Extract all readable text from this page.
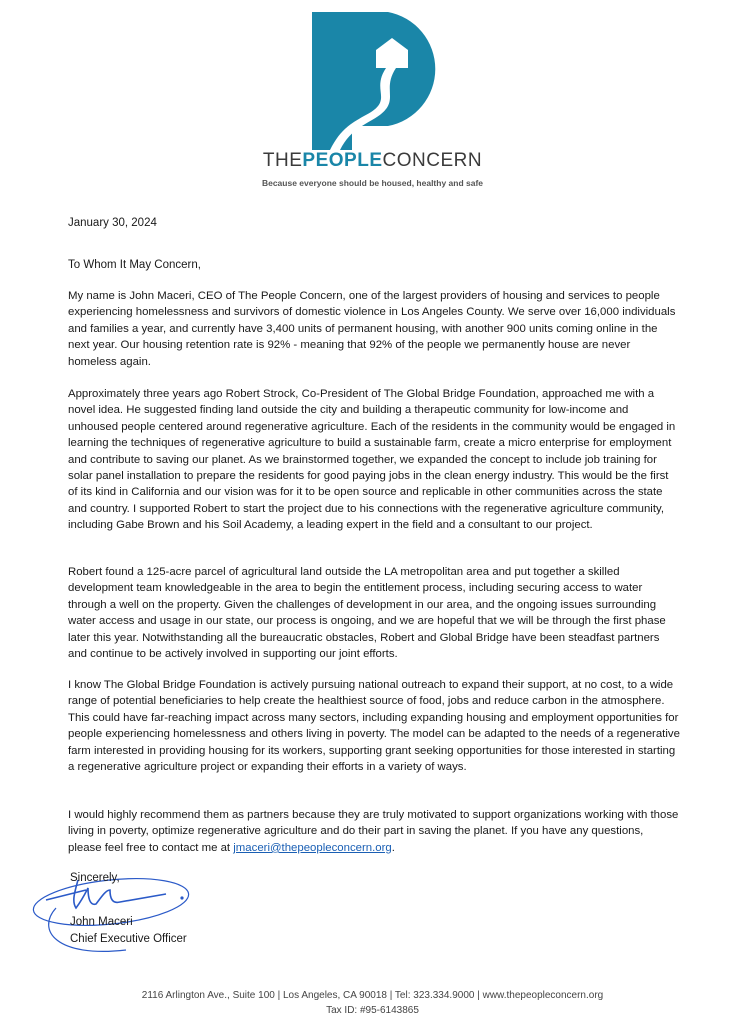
THEPEOPLECONCERN
Because everyone should be housed, healthy and safe
January 30, 2024
To Whom It May Concern,

My name is John Maceri, CEO of The People Concern, one of the largest providers of housing and services to people experiencing homelessness and survivors of domestic violence in Los Angeles County. We serve over 16,000 individuals and families a year, and currently have 3,400 units of permanent housing, with another 900 units coming online in the next year. Our housing retention rate is 92% - meaning that 92% of the people we permanently house are never homeless again.

Approximately three years ago Robert Strock, Co-President of The Global Bridge Foundation, approached me with a novel idea. He suggested finding land outside the city and building a therapeutic community for low-income and unhoused people centered around regenerative agriculture. Each of the residents in the community would be engaged in learning the techniques of regenerative agriculture to build a sustainable farm, create a micro enterprise for employment and contribute to saving our planet. As we brainstormed together, we expanded the concept to include job training for solar panel installation to prepare the residents for good paying jobs in the clean energy industry. This would be the first of its kind in California and our vision was for it to be open source and replicable in other communities across the state and country. I supported Robert to start the project due to his connections with the regenerative agriculture community, including Gabe Brown and his Soil Academy, a leading expert in the field and a consultant to our project.

Robert found a 125-acre parcel of agricultural land outside the LA metropolitan area and put together a skilled development team knowledgeable in the area to begin the entitlement process, including securing access to water through a well on the property. Given the challenges of development in our area, and the ongoing issues surrounding water access and usage in our state, our process is ongoing, and we are hopeful that we will be through the first phase later this year. Notwithstanding all the bureaucratic obstacles, Robert and Global Bridge have been steadfast partners and continue to be actively involved in supporting our joint efforts.

I know The Global Bridge Foundation is actively pursuing national outreach to expand their support, at no cost, to a wide range of potential beneficiaries to help create the healthiest source of food, jobs and reduce carbon in the atmosphere. This could have far-reaching impact across many sectors, including expanding housing and employment opportunities for people experiencing homelessness and others living in poverty. The model can be adapted to the needs of a regenerative farm interested in providing housing for its workers, supporting grant seeking opportunities for those interested in starting a regenerative agriculture project or expanding their efforts in a variety of ways.

I would highly recommend them as partners because they are truly motivated to support organizations working with those living in poverty, optimize regenerative agriculture and do their part in saving the planet. If you have any questions, please feel free to contact me at jmaceri@thepeopleconcern.org.

Sincerely,
John Maceri
Chief Executive Officer
2116 Arlington Ave., Suite 100 | Los Angeles, CA 90018 | Tel: 323.334.9000 | www.thepeopleconcern.org
Tax ID: #95-6143865
